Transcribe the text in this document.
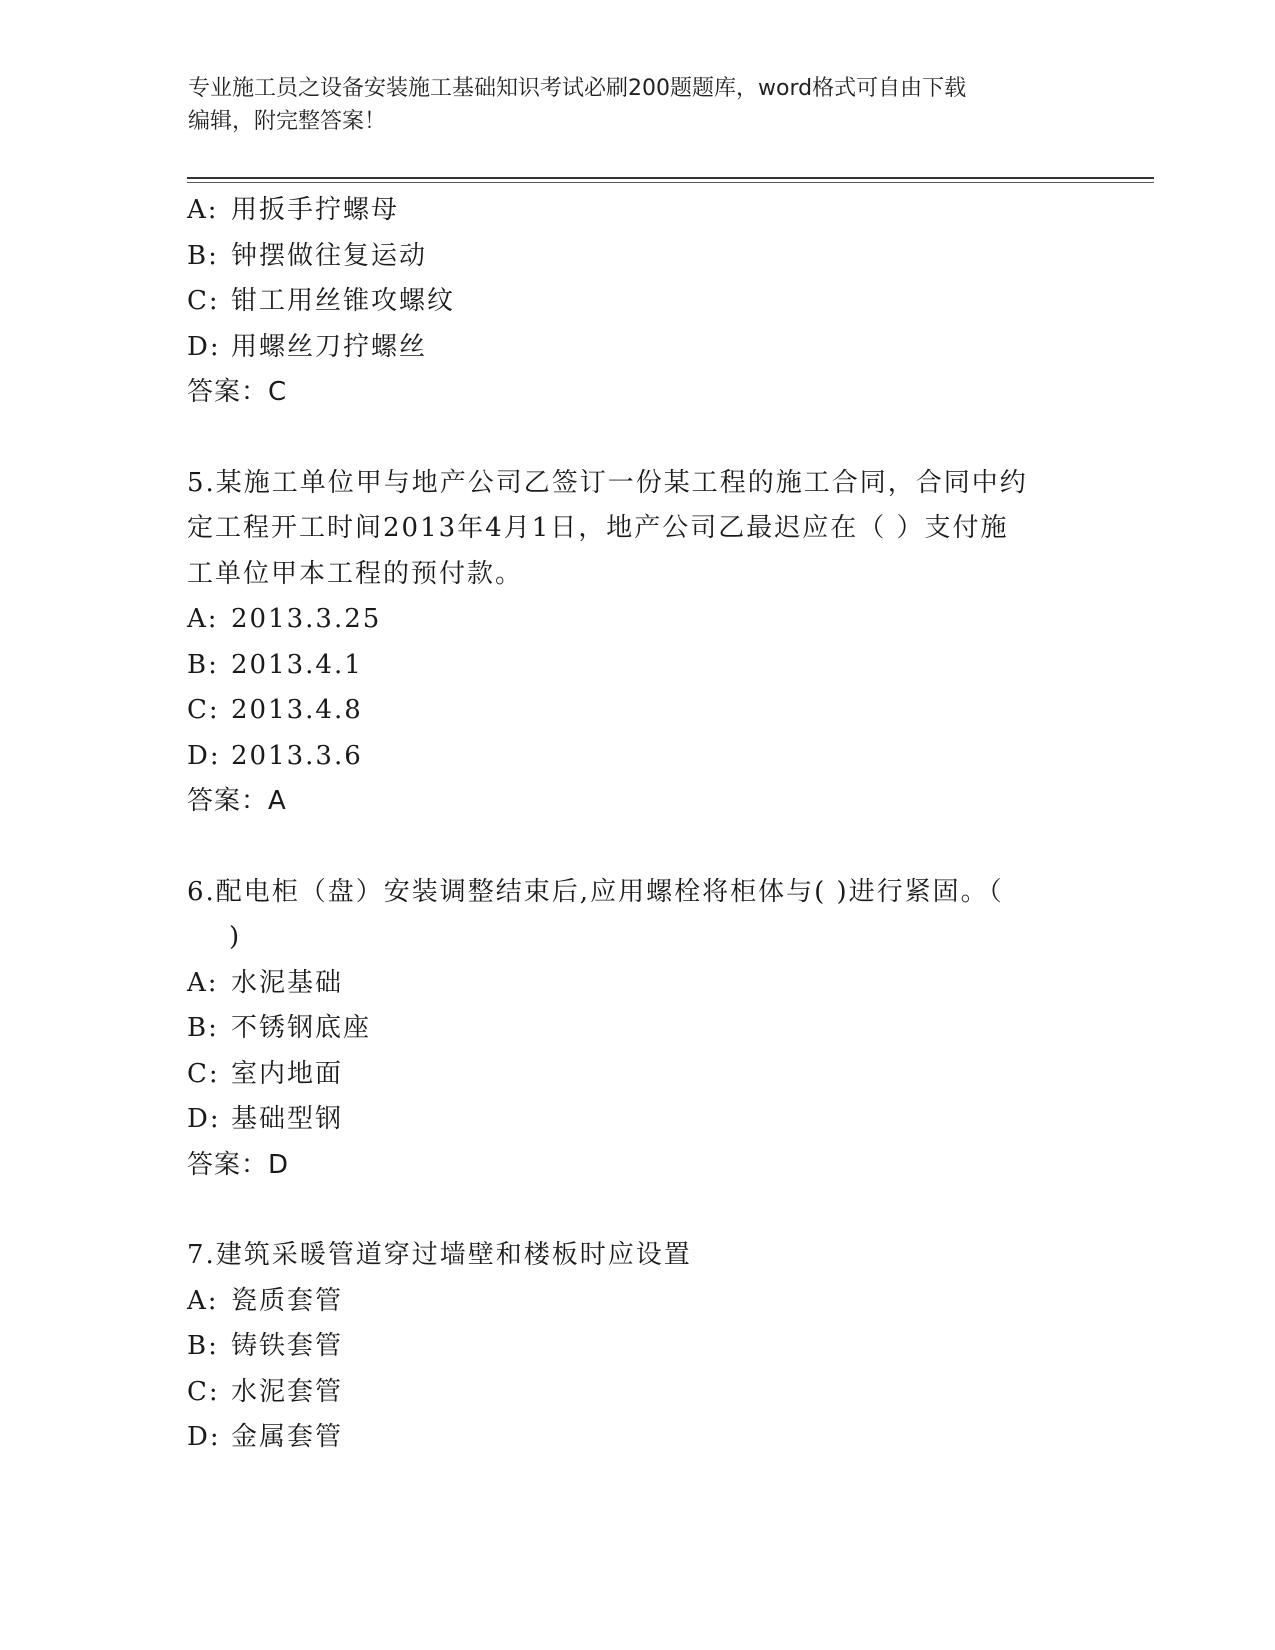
专业施工员之设备安装施工基础知识考试必刷200题题库，word格式可自由下载
编辑，附完整答案！
A: 用扳手拧螺母
B: 钟摆做往复运动
C: 钳工用丝锥攻螺纹
D: 用螺丝刀拧螺丝
答案：C
5.某施工单位甲与地产公司乙签订一份某工程的施工合同，合同中约
定工程开工时间2013年4月1日，地产公司乙最迟应在（ ）支付施
工单位甲本工程的预付款。
A: 2013.3.25
B: 2013.4.1
C: 2013.4.8
D: 2013.3.6
答案：A
6.配电柜（盘）安装调整结束后,应用螺栓将柜体与( )进行紧固。（
)
A: 水泥基础
B: 不锈钢底座
C: 室内地面
D: 基础型钢
答案：D
7.建筑采暖管道穿过墙壁和楼板时应设置
A: 瓷质套管
B: 铸铁套管
C: 水泥套管
D: 金属套管
